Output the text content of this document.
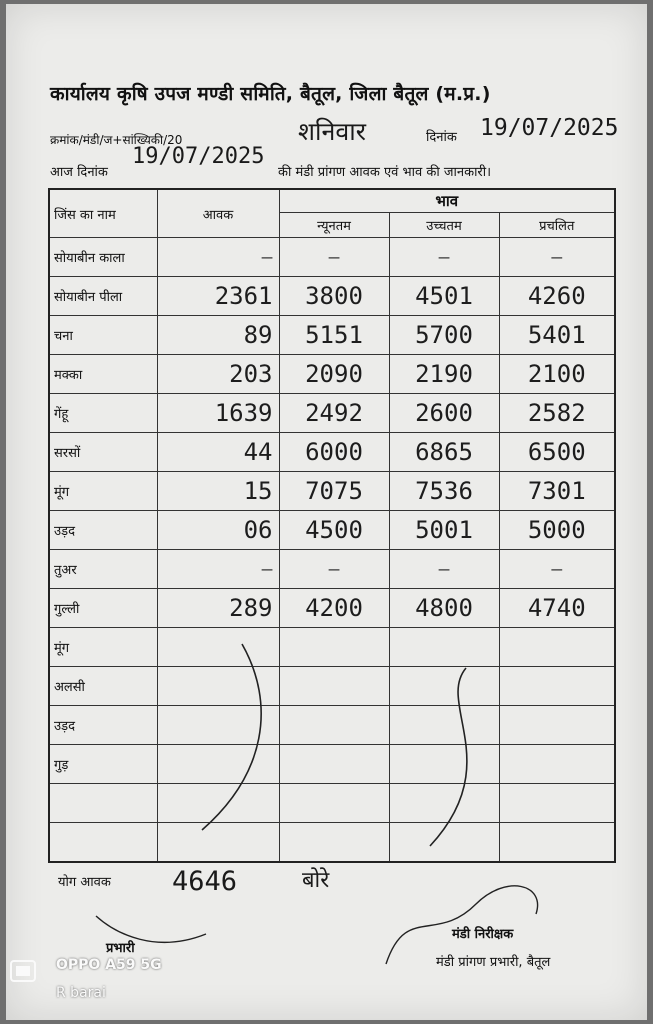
कार्यालय कृषि उपज मण्डी समिति, बैतूल, जिला बैतूल (म.प्र.)
क्रमांक/मंडी/ज+सांख्यिकी/20	शनिवार	दिनांक 19/07/2025
आज दिनांक	की मंडी प्रांगण आवक एवं भाव की जानकारी।
19/07/2025
जिंस का नाम	आवक	भाव		
		न्यूनतम	उच्चतम	प्रचलित
सोयाबीन काला	—	—	—	—
सोयाबीन पीला	2361	3800	4501	4260
चना	89	5151	5700	5401
मक्का	203	2090	2190	2100
गेंहू	1639	2492	2600	2582
सरसों	44	6000	6865	6500
मूंग	15	7075	7536	7301
उड़द	06	4500	5001	5000
तुअर	—	—	—	—
गुल्ली	289	4200	4800	4740
मूंग				
अलसी				
उड़द				
गुड़				

योग आवक 4646	बोरे
प्रभारी
मंडी निरीक्षक
मंडी प्रांगण प्रभारी, बैतूल
OPPO A59 5G
R barai
